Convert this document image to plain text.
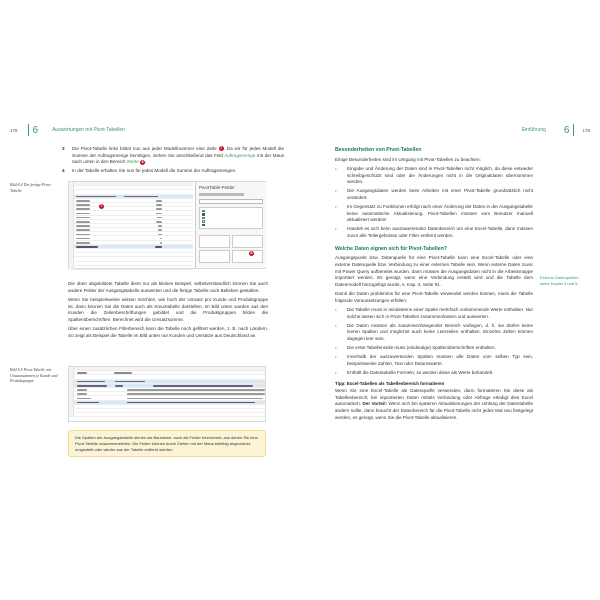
178 6	Auswertungen mit Pivot-Tabellen
3	Die Pivot-Tabelle links bildet nun aus jeder Modellnummer eine Zeile 7 . Da wir für jedes Modell die Summe der Auftragsmenge benötigen, ziehen Sie anschließend das Feld Auftragsmenge mit der Maus nach unten in den Bereich Werte 8 .
4	In der Tabelle erhalten Sie nun für jedes Modell die Summe der Auftragsmengen.
Bild 6.4 Die fertige Pivot-Tabelle
7
PivotTable-Felder
8

Die oben abgebildete Tabelle dient nur als kleines Beispiel, selbstverständlich können Sie auch andere Felder der Ausgangstabelle auswerten und die fertige Tabelle nach Belieben gestalten.

Wenn Sie beispielsweise wissen möchten, wie hoch der Umsatz pro Kunde und Produktgruppe ist, dann können Sie die Daten auch als Kreuztabelle darstellen. Im Bild unten wurden aus den Kunden die Zeilenbeschriftungen gebildet und die Produktgruppen bilden die Spaltenüberschriften. Berechnet wird die Umsatzsumme.

Über einen zusätzlichen Filterbereich kann die Tabelle noch gefiltert werden, z. B. nach Ländern. So zeigt als Beispiel die Tabelle im Bild unten nur Kunden und Umsätze aus Deutschland an.

Bild 6.5 Pivot-Tabelle mit Umsatzsummen je Kunde und Produktgruppe
Die Spalten der Ausgangstabelle dienen als Bausteine, auch als Felder bezeichnet, aus denen Sie eine Pivot-Tabelle zusammenstellen. Die Felder können durch Ziehen mit der Maus beliebig angeordnet, umgestellt oder wieder aus der Tabelle entfernt werden.
Einführung 6	179
Besonderheiten von Pivot-Tabellen

Einige Besonderheiten sind im Umgang mit Pivot-Tabellen zu beachten:

▹	Eingabe und Änderung der Daten sind in Pivot-Tabellen nicht möglich, da diese entweder schreibgeschützt sind oder die Änderungen nicht in die Originaldaten übernommen werden.
▹	Die Ausgangsdaten werden beim Arbeiten mit einer Pivot-Tabelle grundsätzlich nicht verändert.
▹	Im Gegensatz zu Funktionen erfolgt nach einer Änderung der Daten in der Ausgangstabelle keine automatische Aktualisierung. Pivot-Tabellen müssen vom Benutzer manuell aktualisiert werden!
▹	Handelt es sich beim auszuwertenden Datenbereich um eine Excel-Tabelle, dann müssen zuvor alle Teilergebnisse oder Filter entfernt werden.
Welche Daten eignen sich für Pivot-Tabellen?

Ausgangspunkt bzw. Datenquelle für eine Pivot-Tabelle kann eine Excel-Tabelle oder eine externe Datenquelle bzw. Verbindung zu einer externen Tabelle sein. Wenn externe Daten zuvor mit Power Query aufbereitet wurden, dann müssen die Ausgangsdaten nicht in die Arbeitsmappe importiert werden. Es genügt, wenn eine Verbindung erstellt wird und die Tabelle dem Datenmodell hinzugefügt wurde, s. Kap. 4, Seite 91.

Damit die Daten problemlos für eine Pivot-Tabelle verwendet werden können, muss die Tabelle folgende Voraussetzungen erfüllen:

▹	Die Tabelle muss in mindestens einer Spalte mehrfach vorkommende Werte enthalten. Nur solche lassen sich in Pivot-Tabellen zusammenfassen und auswerten.
▹	Die Daten müssen als zusammenhängender Bereich vorliegen, d. h. sie dürfen keine leeren Spalten und möglichst auch keine Leerzeilen enthalten. Einzelne Zellen können dagegen leer sein.
▹	Die erste Tabellenzeile muss (eindeutige) Spaltenüberschriften enthalten.
▹	Innerhalb der auszuwertenden Spalten müssen alle Daten vom selben Typ sein, beispielsweise Zahlen, Text oder Datumswerte.
▹	Enthält die Datentabelle Formeln, so werden diese als Werte behandelt.
Tipp: Excel-Tabellen als Tabellenbereich formatieren
Wenn Sie eine Excel-Tabelle als Datenquelle verwenden, dann formatieren Sie diese als Tabellenbereich; bei importierten Daten mittels Verbindung oder Abfrage erledigt dies Excel automatisch. Der Vorteil: Wenn sich bei späteren Aktualisierungen der Umfang der Datentabelle ändern sollte, dann braucht der Datenbereich für die Pivot-Tabelle nicht jedes Mal neu festgelegt werden, es genügt, wenn Sie die Pivot-Tabelle aktualisieren.
Externe Datenquellen, siehe Kapitel 4 und 5.
